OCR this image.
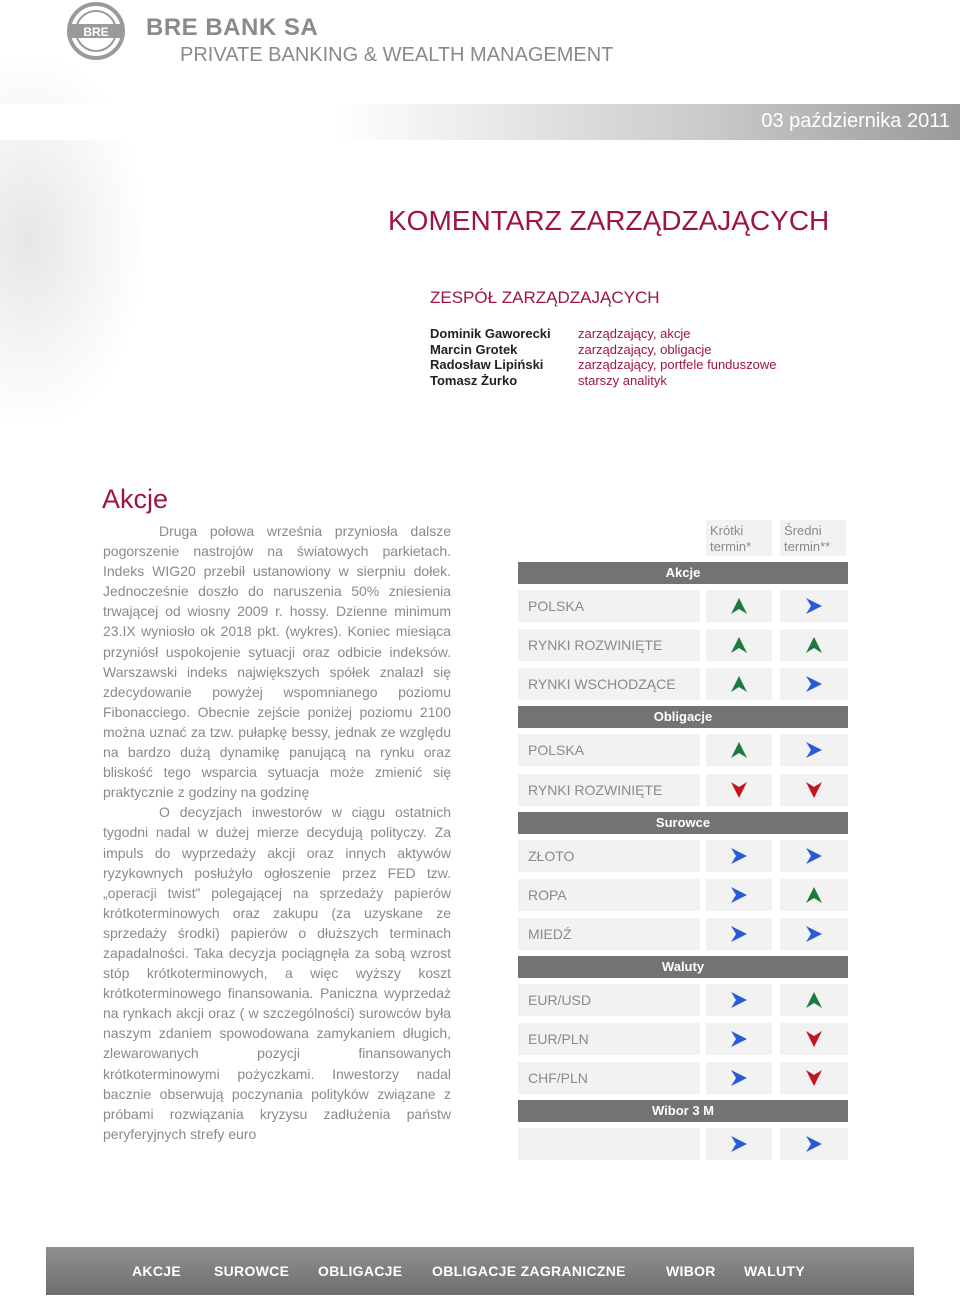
BRE BRE BANK SA
PRIVATE BANKING & WEALTH MANAGEMENT
03 października 2011
KOMENTARZ ZARZĄDZAJĄCYCH
ZESPÓŁ ZARZĄDZAJĄCYCH
Dominik Gaworecki
Marcin Grotek
Radosław Lipiński
Tomasz Żurko
zarządzający, akcje
zarządzający, obligacje
zarządzający, portfele funduszowe
starszy analityk
Akcje

Druga połowa września przyniosła dalsze pogorszenie nastrojów na światowych parkietach. Indeks WIG20 przebił ustanowiony w sierpniu dołek. Jednocześnie doszło do naruszenia 50% zniesienia trwającej od wiosny 2009 r. hossy. Dzienne minimum 23.IX wyniosło ok 2018 pkt. (wykres). Koniec miesiąca przyniósł uspokojenie sytuacji oraz odbicie indeksów. Warszawski indeks największych spółek znalazł się zdecydowanie powyżej wspomnianego poziomu Fibonacciego. Obecnie zejście poniżej poziomu 2100 można uznać za tzw. pułapkę bessy, jednak ze względu na bardzo dużą dynamikę panującą na rynku oraz bliskość tego wsparcia sytuacja może zmienić się praktycznie z godziny na godzinę

O decyzjach inwestorów w ciągu ostatnich tygodni nadal w dużej mierze decydują polityczy. Za impuls do wyprzedaży akcji oraz innych aktywów ryzykownych posłużyło ogłoszenie przez FED tzw. „operacji twist” polegającej na sprzedaży papierów krótkoterminowych oraz zakupu (za uzyskane ze sprzedaży środki) papierów o dłuższych terminach zapadalności. Taka decyzja pociągnęła za sobą wzrost stóp krótkoterminowych, a więc wyższy koszt krótkoterminowego finansowania. Paniczna wyprzedaż na rynkach akcji oraz ( w szczególności) surowców była naszym zdaniem spowodowana zamykaniem długich, zlewarowanych pozycji finansowanych krótkoterminowymi pożyczkami. Inwestorzy nadal bacznie obserwują poczynania polityków związane z próbami rozwiązania kryzysu zadłużenia państw peryferyjnych strefy euro

Krótki termin*
Średni termin**
Akcje
POLSKA
RYNKI ROZWINIĘTE
RYNKI WSCHODZĄCE
Obligacje
POLSKA
RYNKI ROZWINIĘTE
Surowce
ZŁOTO
ROPA
MIEDŹ
Waluty
EUR/USD
EUR/PLN
CHF/PLN
Wibor 3 M
AKCJE SUROWCE OBLIGACJE OBLIGACJE ZAGRANICZNE	WIBOR WALUTY
